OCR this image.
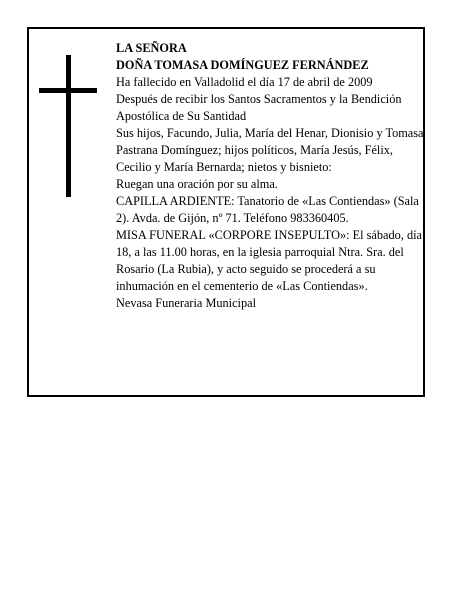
LA SEÑORA

DOÑA TOMASA DOMÍNGUEZ FERNÁNDEZ

Ha fallecido en Valladolid el día 17 de abril de 2009

Después de recibir los Santos Sacramentos y la Bendición Apostólica de Su Santidad

Sus hijos, Facundo, Julia, María del Henar, Dionisio y Tomasa Pastrana Domínguez; hijos políticos, María Jesús, Félix, Cecilio y María Bernarda; nietos y bisnieto:

Ruegan una oración por su alma.

CAPILLA ARDIENTE: Tanatorio de «Las Contiendas» (Sala 2). Avda. de Gijón, nº 71. Teléfono 983360405.

MISA FUNERAL «CORPORE INSEPULTO»: El sábado, día 18, a las 11.00 horas, en la iglesia parroquial Ntra. Sra. del Rosario (La Rubia), y acto seguido se procederá a su inhumación en el cementerio de «Las Contiendas».

Nevasa Funeraria Municipal
